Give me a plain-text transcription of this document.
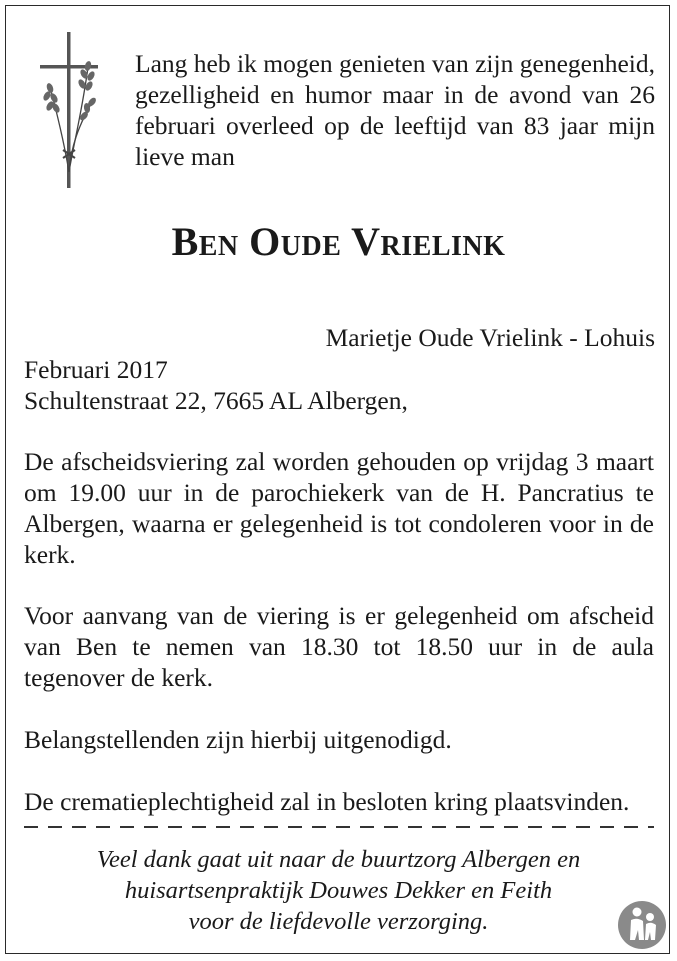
Lang heb ik mogen genieten van zijn genegenheid, gezelligheid en humor maar in de avond van 26 februari overleed op de leeftijd van 83 jaar mijn lieve man
Ben Oude Vrielink
Marietje Oude Vrielink - Lohuis
Februari 2017
Schultenstraat 22, 7665 AL Albergen,
De afscheidsviering zal worden gehouden op vrijdag 3 maart om 19.00 uur in de parochiekerk van de H. Pancratius te Albergen, waarna er gelegenheid is tot condoleren voor in de kerk.
Voor aanvang van de viering is er gelegenheid om afscheid van Ben te nemen van 18.30 tot 18.50 uur in de aula tegenover de kerk.
Belangstellenden zijn hierbij uitgenodigd.
De crematieplechtigheid zal in besloten kring plaatsvinden.
Veel dank gaat uit naar de buurtzorg Albergen en
huisartsenpraktijk Douwes Dekker en Feith
voor de liefdevolle verzorging.
